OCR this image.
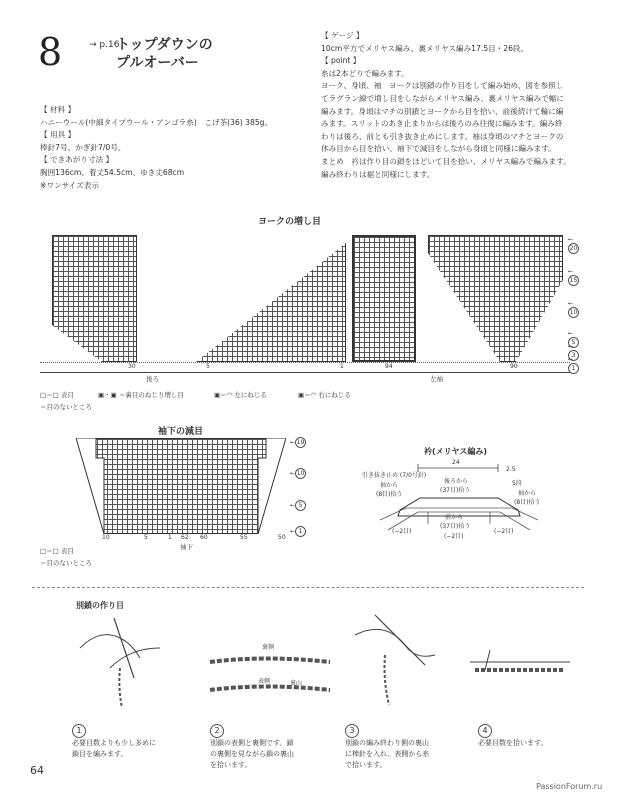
8	→ p.16
トップダウンの
プルオーバー
【 材料 】
ハニーウール(中細タイプウール・アンゴラ糸)　こげ茶(36) 385g。
【 用具 】
棒針7号、かぎ針7/0号。
【 できあがり寸法 】
胸囲136cm、着丈54.5cm、ゆき丈68cm
※ワンサイズ表示
【 ゲージ 】
10cm平方でメリヤス編み、裏メリヤス編み17.5目・26段。
【 point 】
糸は2本どりで編みます。
ヨーク、身頃、袖　ヨークは別鎖の作り目をして編み始め、図を参照し
てラグラン線で増し目をしながらメリヤス編み、裏メリヤス編みで幅に
編みます。身頃はマチの別鎖とヨークから目を拾い、前後続けて輪に編
みます。スリットのあき止まりからは後ろのみ往復に編みます。編み終
わりは後ろ、前とも引き抜き止めにします。袖は身頃のマチとヨークの
休み目から目を拾い、袖下で減目をしながら身頃と同様に編みます。
まとめ　衿は作り目の鎖をほどいて目を拾い、メリヤス編みで編みます。
編み終わりは裾と同様にします。
ヨークの増し目
30	5	1	94	90
←20
←15
←10
←5
←3
←1
後ろ	左袖
□＝□ 表目	▣・▣ ＝裏目のねじり増し目	▣＝◠ 左にねじる	▣＝◠ 右にねじる
＝目のないところ
袖下の減目
← 19
← 10
← 5
← 1
10	5	1 62 60	55	50
袖下
□＝□ 表目
＝目のないところ
衿(メリヤス編み)
24
引き抜き止め (7/0号針)
2.5
5段
後ろから
(37目)拾う
袖から
(8目)拾う	袖から
(8目)拾う
前から
(37目)拾う
(−2目)
(−2目)
(−2目)
別鎖の作り目
裏側
表側	裏山
1
必要目数よりも少し多めに鎖目を編みます。
2
別鎖の表側と裏側です。鎖の裏側を見ながら鎖の裏山を拾います。
3
別鎖の編み終わり側の裏山に棒針を入れ、表側から糸で拾います。
4
必要目数を拾います。
64
PassionForum.ru
